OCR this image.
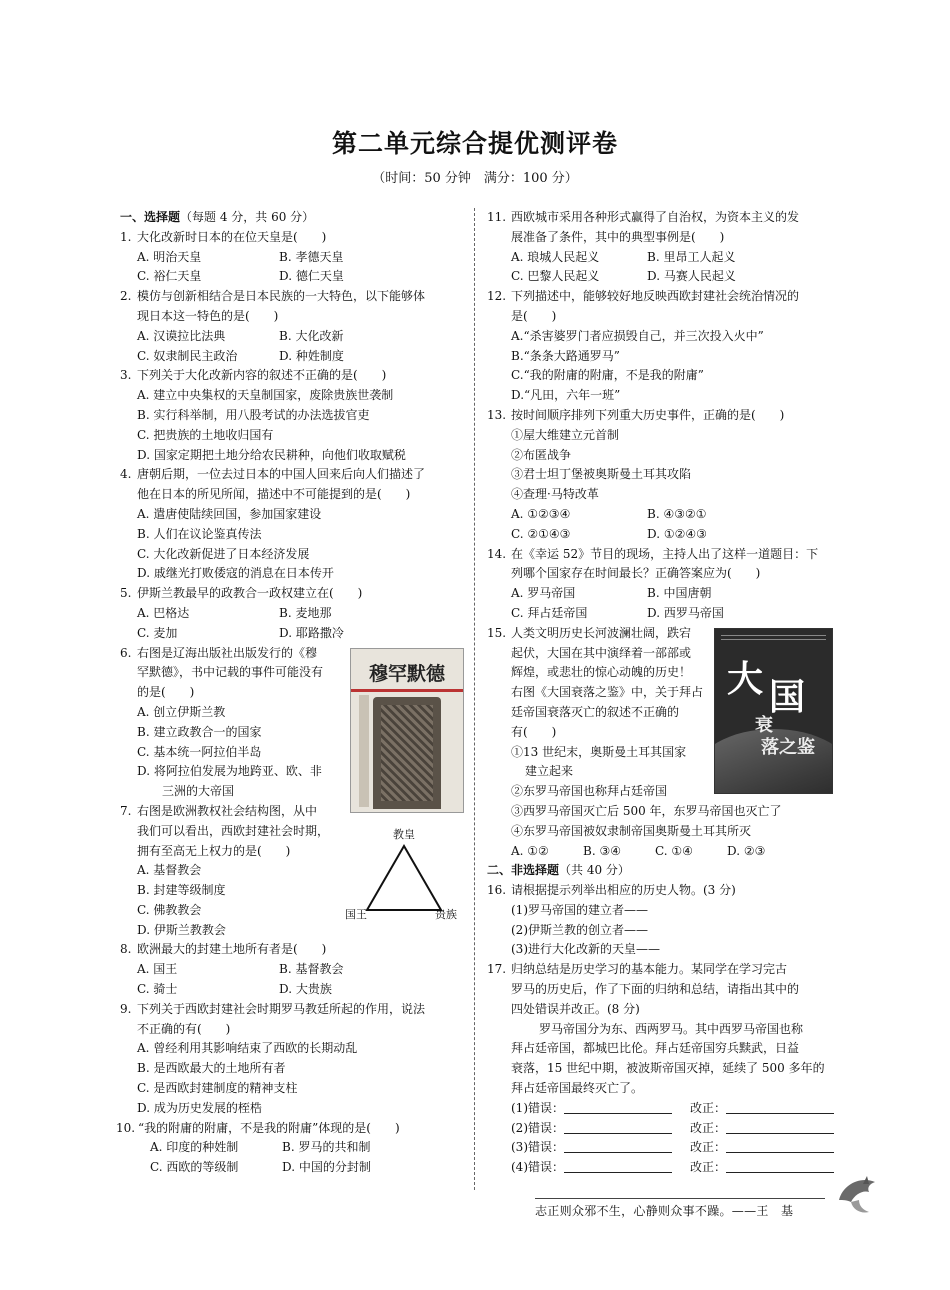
第二单元综合提优测评卷
（时间：50 分钟　满分：100 分）
一、选择题（每题 4 分，共 60 分）
1. 大化改新时日本的在位天皇是(　　)
A. 明治天皇	B. 孝德天皇
C. 裕仁天皇	D. 德仁天皇
2. 模仿与创新相结合是日本民族的一大特色，以下能够体
现日本这一特色的是(　　)
A. 汉谟拉比法典	B. 大化改新
C. 奴隶制民主政治	D. 种姓制度
3. 下列关于大化改新内容的叙述不正确的是(　　)
A. 建立中央集权的天皇制国家，废除贵族世袭制
B. 实行科举制，用八股考试的办法选拔官吏
C. 把贵族的土地收归国有
D. 国家定期把土地分给农民耕种，向他们收取赋税
4. 唐朝后期，一位去过日本的中国人回来后向人们描述了
他在日本的所见所闻，描述中不可能提到的是(　　)
A. 遣唐使陆续回国，参加国家建设
B. 人们在议论鉴真传法
C. 大化改新促进了日本经济发展
D. 戚继光打败倭寇的消息在日本传开
5. 伊斯兰教最早的政教合一政权建立在(　　)
A. 巴格达	B. 麦地那
C. 麦加	D. 耶路撒冷
6. 右图是辽海出版社出版发行的《穆
罕默德》，书中记载的事件可能没有
的是(　　)
A. 创立伊斯兰教
B. 建立政教合一的国家
C. 基本统一阿拉伯半岛
D. 将阿拉伯发展为地跨亚、欧、非
三洲的大帝国
7. 右图是欧洲教权社会结构图，从中
我们可以看出，西欧封建社会时期，
拥有至高无上权力的是(　　)
A. 基督教会
B. 封建等级制度
C. 佛教教会
D. 伊斯兰教教会
8. 欧洲最大的封建土地所有者是(　　)
A. 国王	B. 基督教会
C. 骑士	D. 大贵族
9. 下列关于西欧封建社会时期罗马教廷所起的作用，说法
不正确的有(　　)
A. 曾经利用其影响结束了西欧的长期动乱
B. 是西欧最大的土地所有者
C. 是西欧封建制度的精神支柱
D. 成为历史发展的桎梏
10. “我的附庸的附庸，不是我的附庸”体现的是(　　)
A. 印度的种姓制	B. 罗马的共和制
C. 西欧的等级制	D. 中国的分封制
穆罕默德
教皇
国王	贵族
11. 西欧城市采用各种形式赢得了自治权，为资本主义的发
展准备了条件，其中的典型事例是(　　)
A. 琅城人民起义	B. 里昂工人起义
C. 巴黎人民起义	D. 马赛人民起义
12. 下列描述中，能够较好地反映西欧封建社会统治情况的
是(　　)
A.“杀害婆罗门者应损毁自己，并三次投入火中”
B.“条条大路通罗马”
C.“我的附庸的附庸，不是我的附庸”
D.“凡田，六年一班”
13. 按时间顺序排列下列重大历史事件，正确的是(　　)
①屋大维建立元首制
②布匿战争
③君士坦丁堡被奥斯曼土耳其攻陷
④查理·马特改革
A. ①②③④	B. ④③②①
C. ②①④③	D. ①②④③
14. 在《幸运 52》节目的现场，主持人出了这样一道题目：下
列哪个国家存在时间最长？正确答案应为(　　)
A. 罗马帝国	B. 中国唐朝
C. 拜占廷帝国	D. 西罗马帝国
15. 人类文明历史长河波澜壮阔，跌宕
起伏，大国在其中演绎着一部部或
辉煌，或悲壮的惊心动魄的历史！
右图《大国衰落之鉴》中，关于拜占
廷帝国衰落灭亡的叙述不正确的
有(　　)
①13 世纪末，奥斯曼土耳其国家
建立起来
②东罗马帝国也称拜占廷帝国
③西罗马帝国灭亡后 500 年，东罗马帝国也灭亡了
④东罗马帝国被奴隶制帝国奥斯曼土耳其所灭
A. ①②	B. ③④	C. ①④	D. ②③
二、非选择题（共 40 分）
16. 请根据提示列举出相应的历史人物。(3 分)
(1)罗马帝国的建立者——
(2)伊斯兰教的创立者——
(3)进行大化改新的天皇——
17. 归纳总结是历史学习的基本能力。某同学在学习完古
罗马的历史后，作了下面的归纳和总结，请指出其中的
四处错误并改正。(8 分)
罗马帝国分为东、西两罗马。其中西罗马帝国也称
拜占廷帝国，都城巴比伦。拜占廷帝国穷兵黩武，日益
衰落，15 世纪中期，被波斯帝国灭掉，延续了 500 多年的
拜占廷帝国最终灭亡了。
(1)错误：	改正：
(2)错误：	改正：
(3)错误：	改正：
(4)错误：	改正：
大 国
衰
落之鉴
志正则众邪不生，心静则众事不躁。——王　基
